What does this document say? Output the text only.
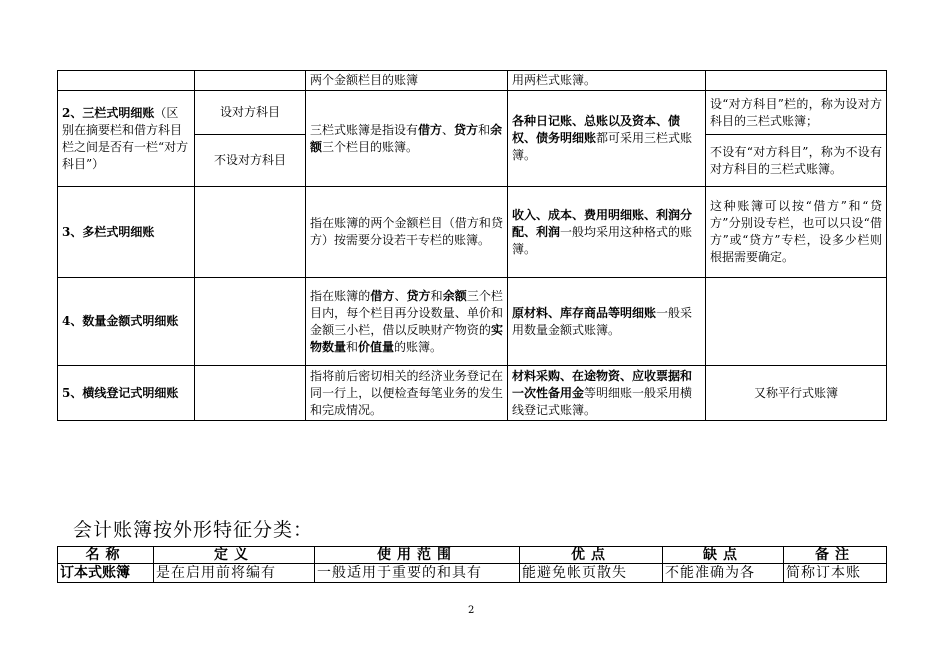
		两个金额栏目的账簿	用两栏式账簿。	
2、三栏式明细账（区别在摘要栏和借方科目栏之间是否有一栏“对方科目”）	设对方科目	三栏式账簿是指设有借方、贷方和余额三个栏目的账簿。	各种日记账、总账以及资本、债权、债务明细账都可采用三栏式账簿。	设“对方科目”栏的，称为设对方科目的三栏式账簿；
	不设对方科目			不设有“对方科目”，称为不设有对方科目的三栏式账簿。
3、多栏式明细账		指在账簿的两个金额栏目（借方和贷方）按需要分设若干专栏的账簿。	收入、成本、费用明细账、利润分配、利润一般均采用这种格式的账簿。	这种账簿可以按“借方”和“贷方”分别设专栏，也可以只设“借方”或“贷方”专栏，设多少栏则根据需要确定。
4、数量金额式明细账		指在账簿的借方、贷方和余额三个栏目内，每个栏目再分设数量、单价和金额三小栏，借以反映财产物资的实物数量和价值量的账簿。	原材料、库存商品等明细账一般采用数量金额式账簿。	
5、横线登记式明细账		指将前后密切相关的经济业务登记在同一行上，以便检查每笔业务的发生和完成情况。	材料采购、在途物资、应收票据和一次性备用金等明细账一般采用横线登记式账簿。	又称平行式账簿
会计账簿按外形特征分类：
名称	定义	使用范围	优点	缺点	备注
订本式账簿	是在启用前将编有	一般适用于重要的和具有	能避免帐页散失	不能准确为各	简称订本账
2
